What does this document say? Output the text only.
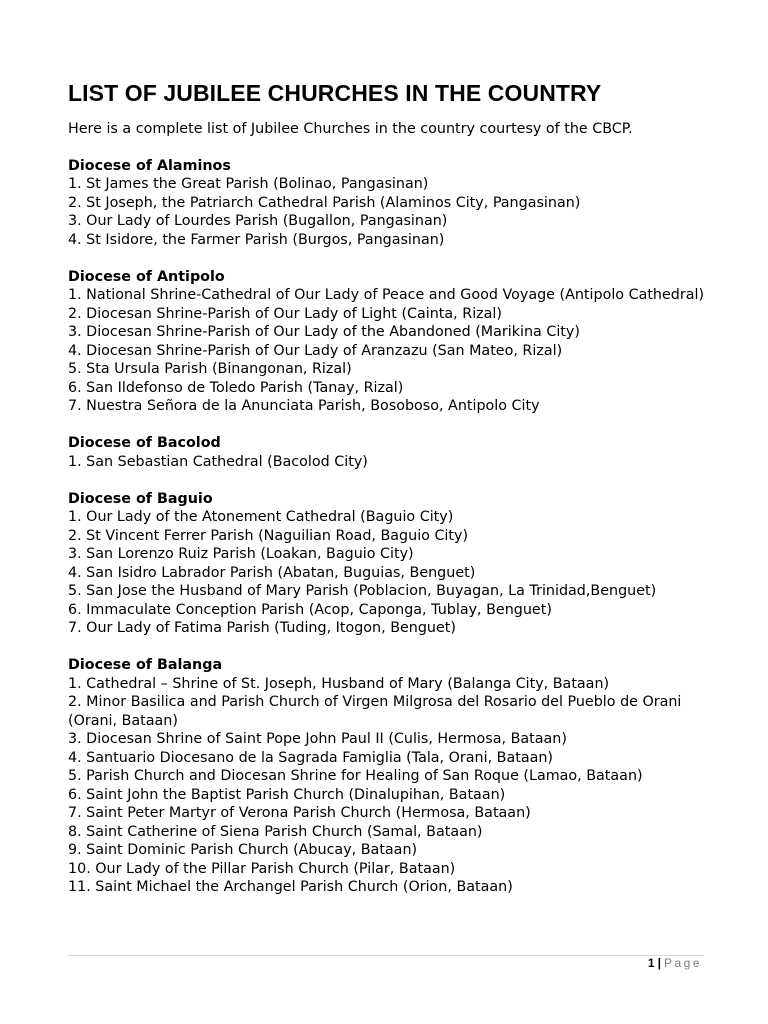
LIST OF JUBILEE CHURCHES IN THE COUNTRY

Here is a complete list of Jubilee Churches in the country courtesy of the CBCP.

Diocese of Alaminos
1. St James the Great Parish (Bolinao, Pangasinan)
2. St Joseph, the Patriarch Cathedral Parish (Alaminos City, Pangasinan)
3. Our Lady of Lourdes Parish (Bugallon, Pangasinan)
4. St Isidore, the Farmer Parish (Burgos, Pangasinan)
Diocese of Antipolo
1. National Shrine-Cathedral of Our Lady of Peace and Good Voyage (Antipolo Cathedral)
2. Diocesan Shrine-Parish of Our Lady of Light (Cainta, Rizal)
3. Diocesan Shrine-Parish of Our Lady of the Abandoned (Marikina City)
4. Diocesan Shrine-Parish of Our Lady of Aranzazu (San Mateo, Rizal)
5. Sta Ursula Parish (Binangonan, Rizal)
6. San Ildefonso de Toledo Parish (Tanay, Rizal)
7. Nuestra Señora de la Anunciata Parish, Bosoboso, Antipolo City
Diocese of Bacolod
1. San Sebastian Cathedral (Bacolod City)
Diocese of Baguio
1. Our Lady of the Atonement Cathedral (Baguio City)
2. St Vincent Ferrer Parish (Naguilian Road, Baguio City)
3. San Lorenzo Ruiz Parish (Loakan, Baguio City)
4. San Isidro Labrador Parish (Abatan, Buguias, Benguet)
5. San Jose the Husband of Mary Parish (Poblacion, Buyagan, La Trinidad,Benguet)
6. Immaculate Conception Parish (Acop, Caponga, Tublay, Benguet)
7. Our Lady of Fatima Parish (Tuding, Itogon, Benguet)
Diocese of Balanga
1. Cathedral – Shrine of St. Joseph, Husband of Mary (Balanga City, Bataan)
2. Minor Basilica and Parish Church of Virgen Milgrosa del Rosario del Pueblo de Orani (Orani, Bataan)
3. Diocesan Shrine of Saint Pope John Paul II (Culis, Hermosa, Bataan)
4. Santuario Diocesano de la Sagrada Famiglia (Tala, Orani, Bataan)
5. Parish Church and Diocesan Shrine for Healing of San Roque (Lamao, Bataan)
6. Saint John the Baptist Parish Church (Dinalupihan, Bataan)
7. Saint Peter Martyr of Verona Parish Church (Hermosa, Bataan)
8. Saint Catherine of Siena Parish Church (Samal, Bataan)
9. Saint Dominic Parish Church (Abucay, Bataan)
10. Our Lady of the Pillar Parish Church (Pilar, Bataan)
11. Saint Michael the Archangel Parish Church (Orion, Bataan)
1 | Page
